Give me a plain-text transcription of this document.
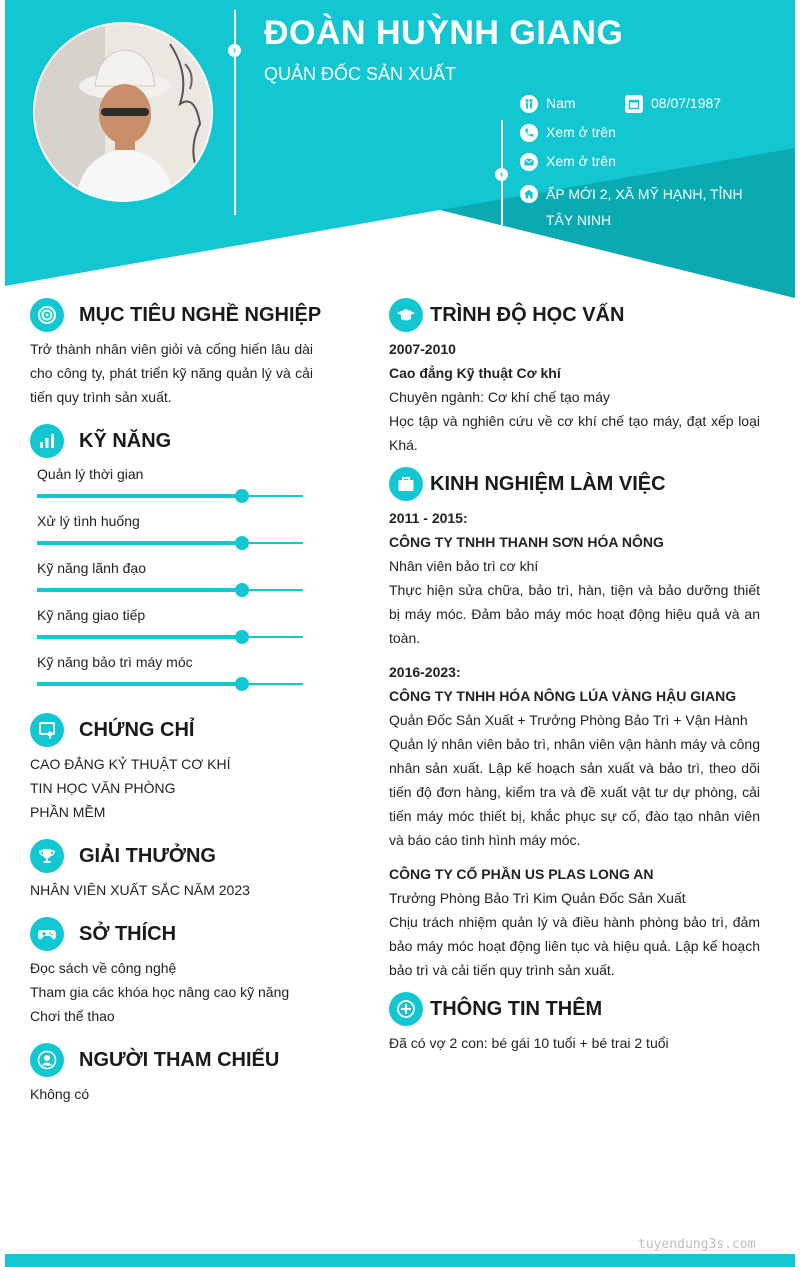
› ĐOÀN HUỲNH GIANG
QUẢN ĐỐC SẢN XUẤT
›
Nam	08/07/1987
Xem ở trên
Xem ở trên
ẤP MỚI 2, XÃ MỸ HẠNH, TỈNH TÂY NINH
MỤC TIÊU NGHỀ NGHIỆP
Trở thành nhân viên giỏi và cống hiến lâu dài cho công ty, phát triển kỹ năng quản lý và cải tiến quy trình sản xuất.
KỸ NĂNG
Quản lý thời gian
Xử lý tình huống
Kỹ năng lãnh đạo
Kỹ năng giao tiếp
Kỹ năng bảo trì máy móc
CHỨNG CHỈ
CAO ĐẲNG KỶ THUẬT CƠ KHÍ
TIN HỌC VĂN PHÒNG
PHẦN MỀM
GIẢI THƯỞNG
NHÂN VIÊN XUẤT SẮC NĂM 2023
SỞ THÍCH
Đọc sách về công nghệ
Tham gia các khóa học nâng cao kỹ năng
Chơi thể thao
NGƯỜI THAM CHIẾU
Không có
TRÌNH ĐỘ HỌC VẤN
2007-2010
Cao đẳng Kỹ thuật Cơ khí
Chuyên ngành: Cơ khí chế tạo máy
Học tập và nghiên cứu về cơ khí chế tạo máy, đạt xếp loại Khá.
KINH NGHIỆM LÀM VIỆC
2011 - 2015:
CÔNG TY TNHH THANH SƠN HÓA NÔNG
Nhân viên bảo trì cơ khí
Thực hiện sửa chữa, bảo trì, hàn, tiện và bảo dưỡng thiết bị máy móc. Đảm bảo máy móc hoạt động hiệu quả và an toàn.
2016-2023:
CÔNG TY TNHH HÓA NÔNG LÚA VÀNG HẬU GIANG
Quản Đốc Sản Xuất + Trưởng Phòng Bảo Trì + Vận Hành
Quản lý nhân viên bảo trì, nhân viên vận hành máy và công nhân sản xuất. Lập kế hoạch sản xuất và bảo trì, theo dõi tiến độ đơn hàng, kiểm tra và đề xuất vật tư dự phòng, cải tiến máy móc thiết bị, khắc phục sự cố, đào tạo nhân viên và báo cáo tình hình máy móc.
CÔNG TY CỔ PHẦN US PLAS LONG AN
Trưởng Phòng Bảo Trì Kim Quản Đốc Sản Xuất
Chịu trách nhiệm quản lý và điều hành phòng bảo trì, đảm bảo máy móc hoạt động liên tục và hiệu quả. Lập kế hoạch bảo trì và cải tiến quy trình sản xuất.
THÔNG TIN THÊM
Đã có vợ 2 con: bé gái 10 tuổi + bé trai 2 tuổi
tuyendung3s.com
